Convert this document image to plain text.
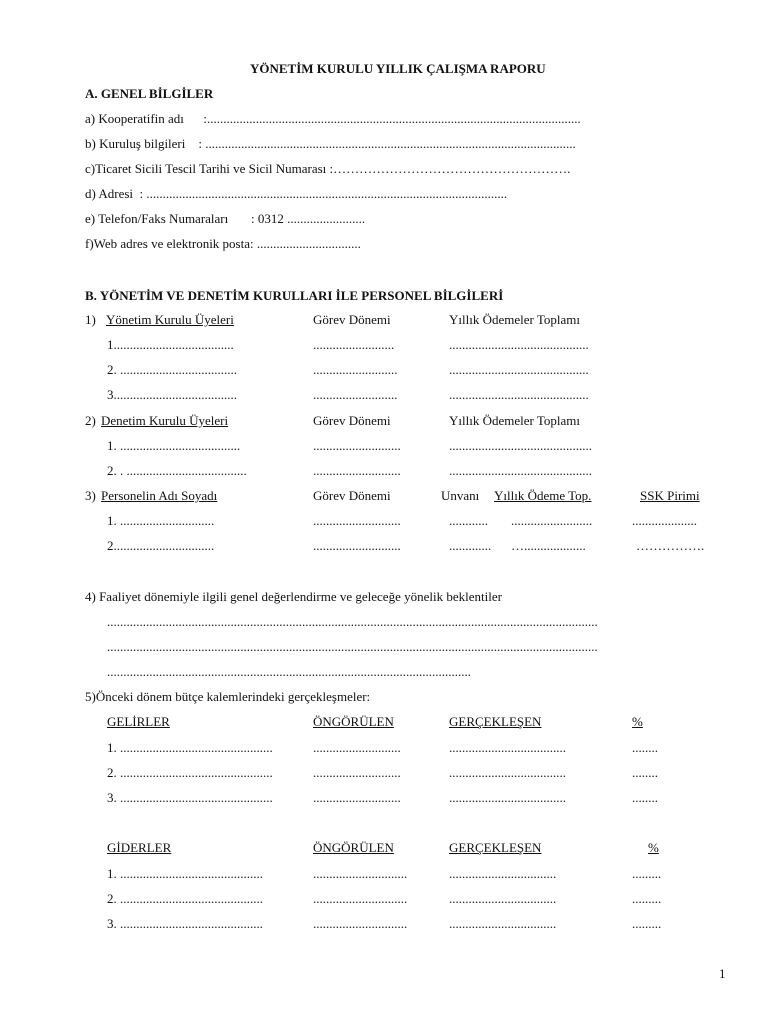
YÖNETİM KURULU YILLIK ÇALIŞMA RAPORU
A. GENEL BİLGİLER
a) Kooperatifin adı      :...................................................................................................................
b) Kuruluş bilgileri    : ..................................................................................................................
c)Ticaret Sicili Tescil Tarihi ve Sicil Numarası :……………………………………………….
d) Adresi  : ...............................................................................................................
e) Telefon/Faks Numaraları       : 0312 ........................
f)Web adres ve elektronik posta: ................................
B. YÖNETİM VE DENETİM KURULLARI İLE PERSONEL BİLGİLERİ
1) Yönetim Kurulu Üyeleri	Görev Dönemi	Yıllık Ödemeler Toplamı
1.....................................	.........................	...........................................
2. ....................................	..........................	...........................................
3......................................	..........................	...........................................
2) Denetim Kurulu Üyeleri	Görev Dönemi	Yıllık Ödemeler Toplamı
1. .....................................	...........................	............................................
2. . .....................................	...........................	............................................
3) Personelin Adı Soyadı	Görev Dönemi	Unvanı Yıllık Ödeme Top.	SSK Pirimi
1. .............................	...........................	............ .........................	....................
2...............................	...........................	............. …...................	…………….
4) Faaliyet dönemiyle ilgili genel değerlendirme ve geleceğe yönelik beklentiler
.......................................................................................................................................................
.......................................................................................................................................................
................................................................................................................
5)Önceki dönem bütçe kalemlerindeki gerçekleşmeler:
GELİRLER	ÖNGÖRÜLEN	GERÇEKLEŞEN	%
1. ...............................................	...........................	....................................	........
2. ...............................................	...........................	....................................	........
3. ...............................................	...........................	....................................	........
GİDERLER	ÖNGÖRÜLEN	GERÇEKLEŞEN	%
1. ............................................	.............................	.................................	.........
2. ............................................	.............................	.................................	.........
3. ............................................	.............................	.................................	.........
1
